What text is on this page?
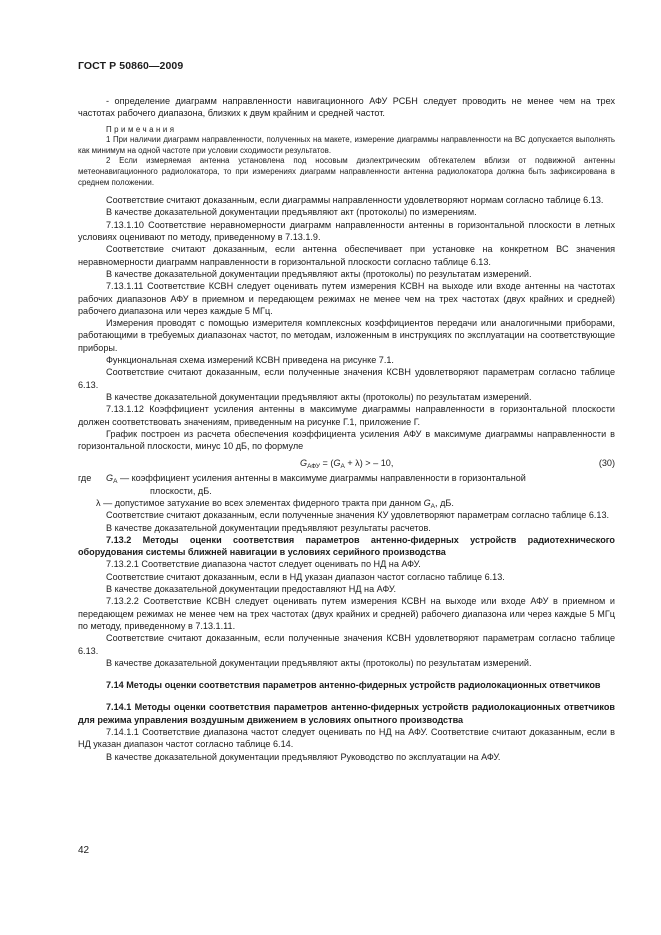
ГОСТ Р 50860—2009

- определение диаграмм направленности навигационного АФУ РСБН следует проводить не менее чем на трех частотах рабочего диапазона, близких к двум крайним и средней частот.

Примечания

1 При наличии диаграмм направленности, полученных на макете, измерение диаграммы направленности на ВС допускается выполнять как минимум на одной частоте при условии сходимости результатов.

2 Если измеряемая антенна установлена под носовым диэлектрическим обтекателем вблизи от подвижной антенны метеонавигационного радиолокатора, то при измерениях диаграмм направленности антенна радиолокатора должна быть зафиксирована в среднем положении.

Соответствие считают доказанным, если диаграммы направленности удовлетворяют нормам согласно таблице 6.13.

В качестве доказательной документации предъявляют акт (протоколы) по измерениям.

7.13.1.10 Соответствие неравномерности диаграмм направленности антенны в горизонтальной плоскости в летных условиях оценивают по методу, приведенному в 7.13.1.9.

Соответствие считают доказанным, если антенна обеспечивает при установке на конкретном ВС значения неравномерности диаграмм направленности в горизонтальной плоскости согласно таблице 6.13.

В качестве доказательной документации предъявляют акты (протоколы) по результатам измерений.

7.13.1.11 Соответствие КСВН следует оценивать путем измерения КСВН на выходе или входе антенны на частотах рабочих диапазонов АФУ в приемном и передающем режимах не менее чем на трех частотах (двух крайних и средней) рабочего диапазона или через каждые 5 МГц.

Измерения проводят с помощью измерителя комплексных коэффициентов передачи или аналогичными приборами, работающими в требуемых диапазонах частот, по методам, изложенным в инструкциях по эксплуатации на соответствующие приборы.

Функциональная схема измерений КСВН приведена на рисунке 7.1.

Соответствие считают доказанным, если полученные значения КСВН удовлетворяют параметрам согласно таблице 6.13.

В качестве доказательной документации предъявляют акты (протоколы) по результатам измерений.

7.13.1.12 Коэффициент усиления антенны в максимуме диаграммы направленности в горизонтальной плоскости должен соответствовать значениям, приведенным на рисунке Г.1, приложение Г.

График построен из расчета обеспечения коэффициента усиления АФУ в максимуме диаграммы направленности в горизонтальной плоскости, минус 10 дБ, по формуле

$G_{АФУ} = (G_А + \lambda)$ > – 10,	(30)

где	$G_А$ — коэффициент усиления антенны в максимуме диаграммы направленности в горизонтальной

плоскости, дБ.

λ — допустимое затухание во всех элементах фидерного тракта при данном $G_А$, дБ.

Соответствие считают доказанным, если полученные значения КУ удовлетворяют параметрам согласно таблице 6.13.

В качестве доказательной документации предъявляют результаты расчетов.

7.13.2 Методы оценки соответствия параметров антенно-фидерных устройств радиотехнического оборудования системы ближней навигации в условиях серийного производства

7.13.2.1 Соответствие диапазона частот следует оценивать по НД на АФУ.

Соответствие считают доказанным, если в НД указан диапазон частот согласно таблице 6.13.

В качестве доказательной документации предоставляют НД на АФУ.

7.13.2.2 Соответствие КСВН следует оценивать путем измерения КСВН на выходе или входе АФУ в приемном и передающем режимах не менее чем на трех частотах (двух крайних и средней) рабочего диапазона или через каждые 5 МГц по методу, приведенному в 7.13.1.11.

Соответствие считают доказанным, если полученные значения КСВН удовлетворяют параметрам согласно таблице 6.13.

В качестве доказательной документации предъявляют акты (протоколы) по результатам измерений.

7.14 Методы оценки соответствия параметров антенно-фидерных устройств радиолокационных ответчиков

7.14.1 Методы оценки соответствия параметров антенно-фидерных устройств радиолокационных ответчиков для режима управления воздушным движением в условиях опытного производства

7.14.1.1 Соответствие диапазона частот следует оценивать по НД на АФУ. Соответствие считают доказанным, если в НД указан диапазон частот согласно таблице 6.14.

В качестве доказательной документации предъявляют Руководство по эксплуатации на АФУ.

42
